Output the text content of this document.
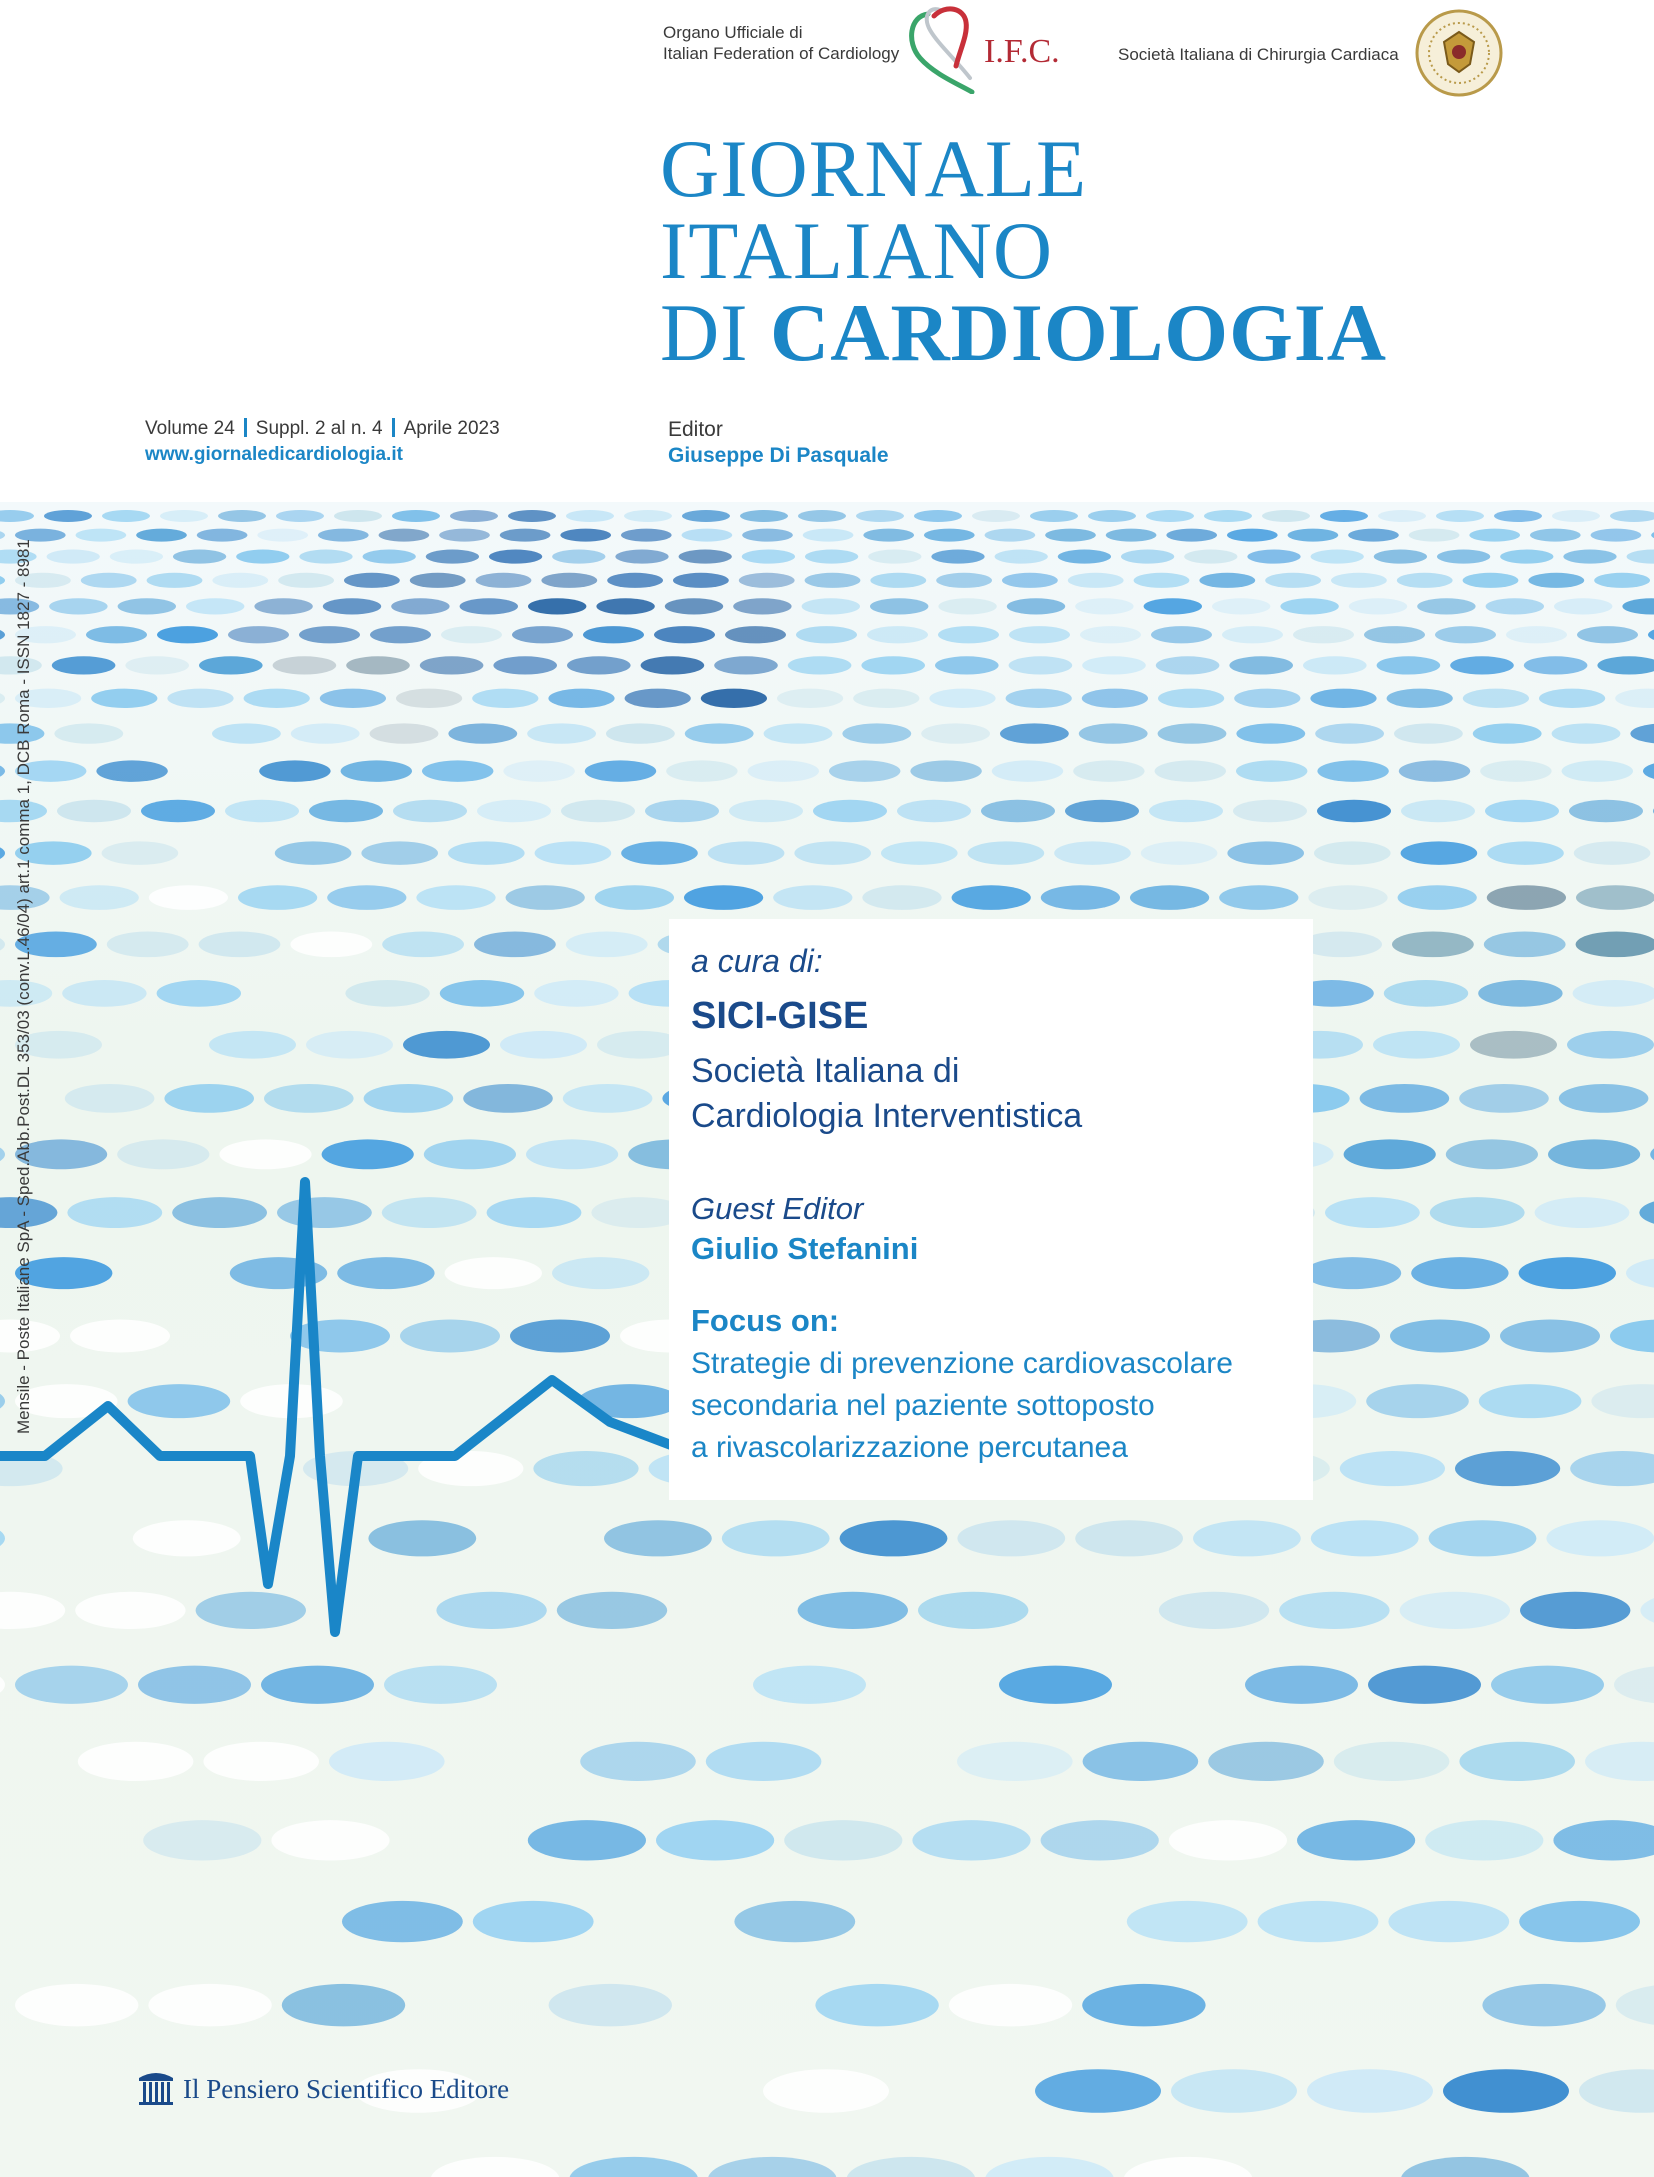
Organo Ufficiale di
Italian Federation of Cardiology I.F.C.	Società Italiana di Chirurgia Cardiaca
GIORNALE
ITALIANO
DI CARDIOLOGIA
Volume 24 Suppl. 2 al n. 4 Aprile 2023
www.giornaledicardiologia.it
Editor
Giuseppe Di Pasquale
Mensile - Poste Italiane SpA - Sped.Abb.Post.DL 353/03 (conv.L.46/04) art.1 comma 1, DCB Roma - ISSN 1827 - 8981	a cura di:
SICI-GISE
Società Italiana di
Cardiologia Interventistica
Guest Editor
Giulio Stefanini
Focus on:
Strategie di prevenzione cardiovascolare
secondaria nel paziente sottoposto
a rivascolarizzazione percutanea
Il Pensiero Scientifico Editore
